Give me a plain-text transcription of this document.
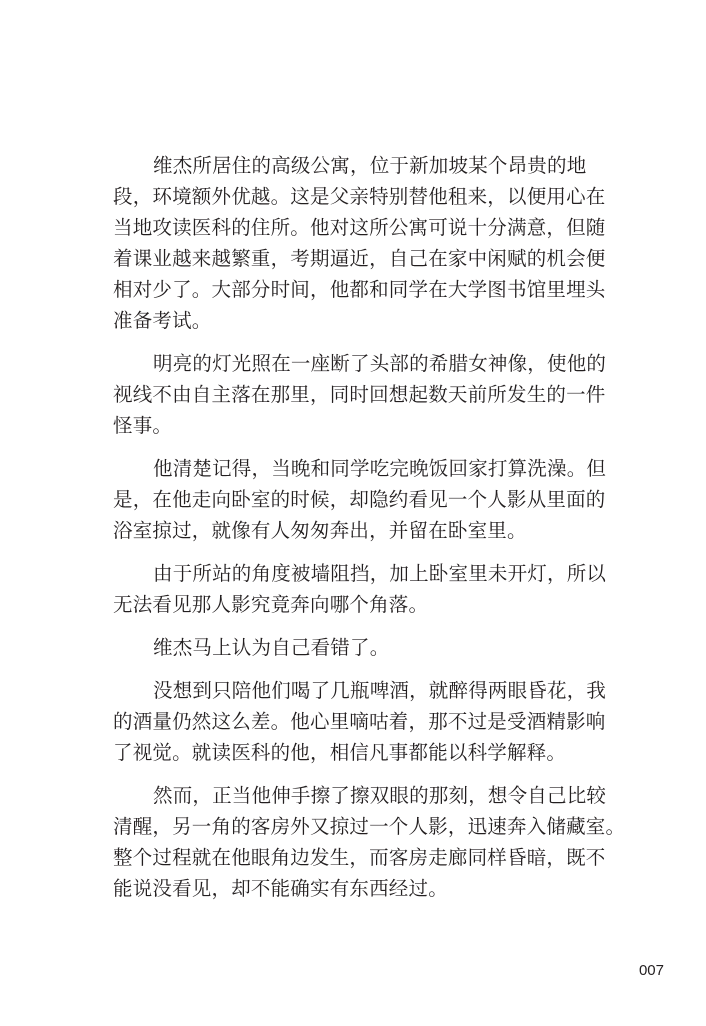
维杰所居住的高级公寓，位于新加坡某个昂贵的地
段，环境额外优越。这是父亲特别替他租来，以便用心在
当地攻读医科的住所。他对这所公寓可说十分满意，但随
着课业越来越繁重，考期逼近，自己在家中闲赋的机会便
相对少了。大部分时间，他都和同学在大学图书馆里埋头
准备考试。

明亮的灯光照在一座断了头部的希腊女神像，使他的
视线不由自主落在那里，同时回想起数天前所发生的一件
怪事。

他清楚记得，当晚和同学吃完晚饭回家打算洗澡。但
是，在他走向卧室的时候，却隐约看见一个人影从里面的
浴室掠过，就像有人匆匆奔出，并留在卧室里。

由于所站的角度被墙阻挡，加上卧室里未开灯，所以
无法看见那人影究竟奔向哪个角落。

维杰马上认为自己看错了。

没想到只陪他们喝了几瓶啤酒，就醉得两眼昏花，我
的酒量仍然这么差。他心里嘀咕着，那不过是受酒精影响
了视觉。就读医科的他，相信凡事都能以科学解释。

然而，正当他伸手擦了擦双眼的那刻，想令自己比较
清醒，另一角的客房外又掠过一个人影，迅速奔入储藏室。
整个过程就在他眼角边发生，而客房走廊同样昏暗，既不
能说没看见，却不能确实有东西经过。

007
